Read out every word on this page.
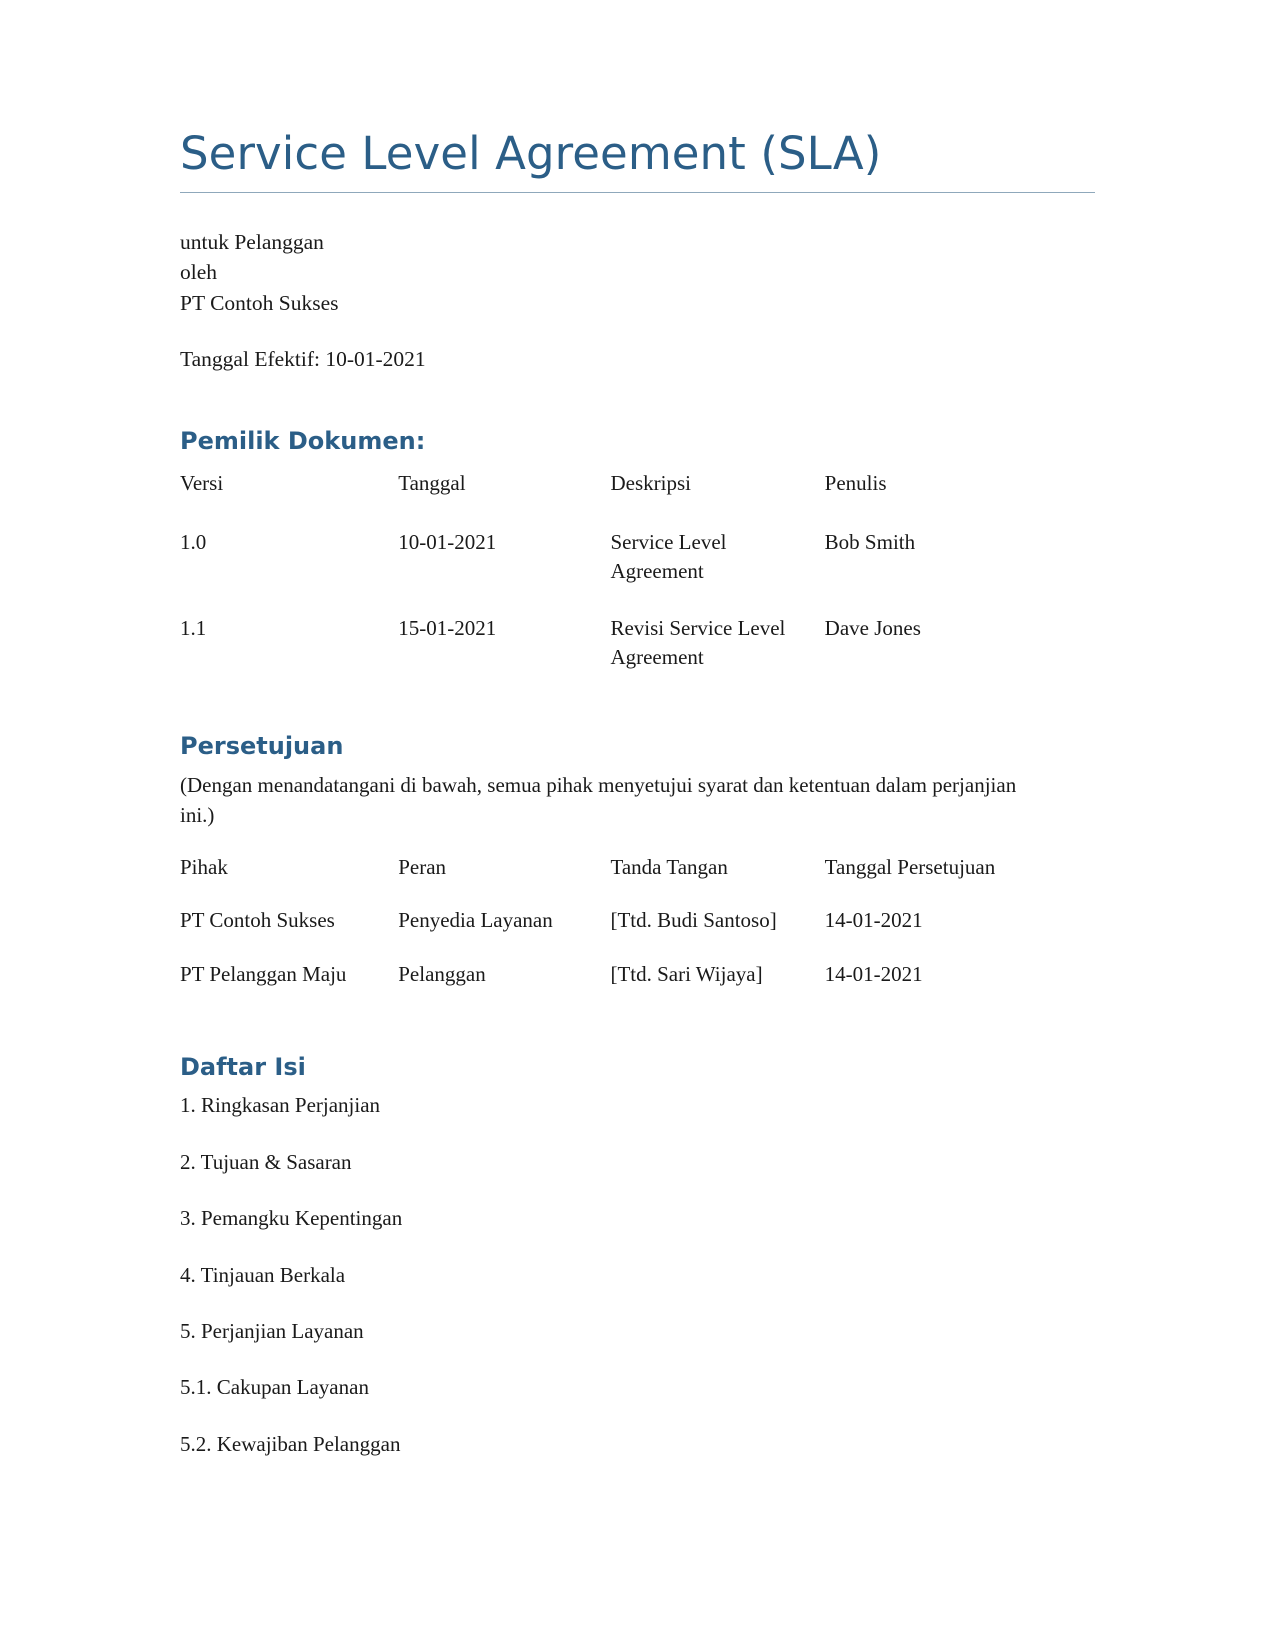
Service Level Agreement (SLA)
untuk Pelanggan
oleh
PT Contoh Sukses
Tanggal Efektif: 10-01-2021
Pemilik Dokumen:
Versi	Tanggal	Deskripsi	Penulis
1.0	10-01-2021	Service Level Agreement	Bob Smith
1.1	15-01-2021	Revisi Service Level Agreement	Dave Jones
Persetujuan

(Dengan menandatangani di bawah, semua pihak menyetujui syarat dan ketentuan dalam perjanjian ini.)

Pihak	Peran	Tanda Tangan	Tanggal Persetujuan
PT Contoh Sukses	Penyedia Layanan	[Ttd. Budi Santoso]	14-01-2021
PT Pelanggan Maju	Pelanggan	[Ttd. Sari Wijaya]	14-01-2021
Daftar Isi
1. Ringkasan Perjanjian
2. Tujuan & Sasaran
3. Pemangku Kepentingan
4. Tinjauan Berkala
5. Perjanjian Layanan
5.1. Cakupan Layanan
5.2. Kewajiban Pelanggan
